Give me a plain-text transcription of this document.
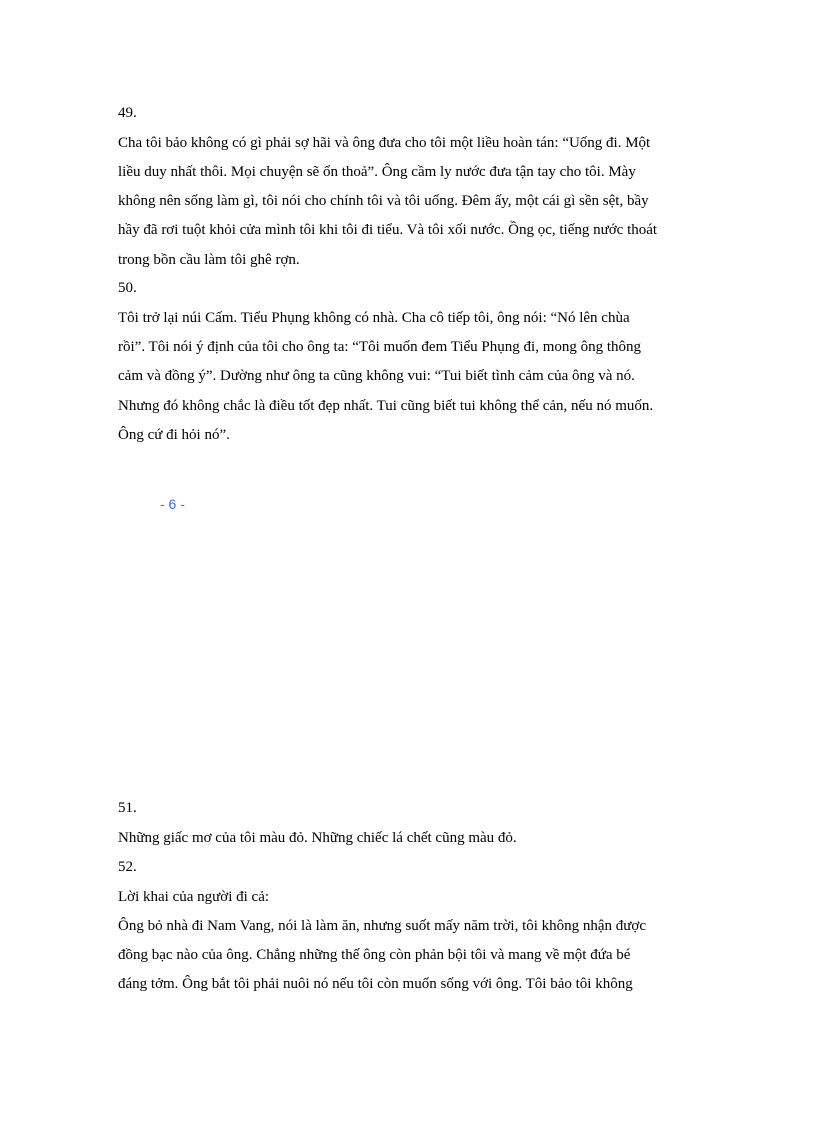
49.
Cha tôi bảo không có gì phải sợ hãi và ông đưa cho tôi một liều hoàn tán: “Uống đi. Một
liều duy nhất thôi. Mọi chuyện sẽ ổn thoả”. Ông cầm ly nước đưa tận tay cho tôi. Mày
không nên sống làm gì, tôi nói cho chính tôi và tôi uống. Đêm ấy, một cái gì sền sệt, bầy
hầy đã rơi tuột khỏi cửa mình tôi khi tôi đi tiểu. Và tôi xối nước. Ồng ọc, tiếng nước thoát
trong bồn cầu làm tôi ghê rợn.
50.
Tôi trở lại núi Cấm. Tiểu Phụng không có nhà. Cha cô tiếp tôi, ông nói: “Nó lên chùa
rồi”. Tôi nói ý định của tôi cho ông ta: “Tôi muốn đem Tiểu Phụng đi, mong ông thông
cảm và đồng ý”. Dường như ông ta cũng không vui: “Tui biết tình cảm của ông và nó.
Nhưng đó không chắc là điều tốt đẹp nhất. Tui cũng biết tui không thể cản, nếu nó muốn.
Ông cứ đi hỏi nó”.
- 6 -
51.
Những giấc mơ của tôi màu đỏ. Những chiếc lá chết cũng màu đỏ.
52.
Lời khai của người đi cả:
Ông bỏ nhà đi Nam Vang, nói là làm ăn, nhưng suốt mấy năm trời, tôi không nhận được
đồng bạc nào của ông. Chẳng những thế ông còn phản bội tôi và mang về một đứa bé
đáng tởm. Ông bắt tôi phải nuôi nó nếu tôi còn muốn sống với ông. Tôi bảo tôi không
